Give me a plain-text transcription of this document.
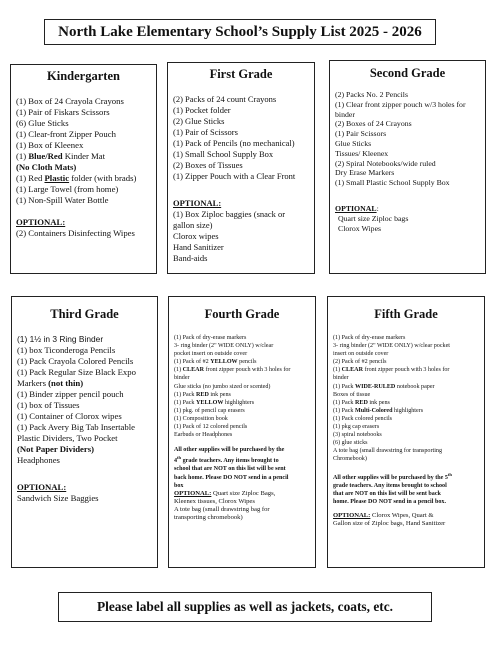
North Lake Elementary School’s Supply List 2025 - 2026
Kindergarten

(1) Box of 24 Crayola Crayons

(1) Pair of Fiskars Scissors

(6) Glue Sticks

(1) Clear-front Zipper Pouch

(1) Box of Kleenex

(1) Blue/Red Kinder Mat

(No Cloth Mats)

(1) Red Plastic folder (with brads)

(1) Large Towel (from home)

(1) Non-Spill Water Bottle

OPTIONAL:

(2) Containers Disinfecting Wipes

First Grade

(2) Packs of 24 count Crayons

(1) Pocket folder

(2) Glue Sticks

(1) Pair of Scissors

(1) Pack of Pencils (no mechanical)

(1) Small School Supply Box

(2) Boxes of Tissues

(1) Zipper Pouch with a Clear Front

OPTIONAL:

(1) Box Ziploc baggies (snack or

gallon size)

Clorox wipes

Hand Sanitizer

Band-aids

Second Grade

(2) Packs No. 2 Pencils

(1) Clear front zipper pouch w/3 holes for

binder

(2) Boxes of 24 Crayons

(1) Pair Scissors

Glue Sticks

Tissues/ Kleenex

(2) Spiral Notebooks/wide ruled

Dry Erase Markers

(1) Small Plastic School Supply Box

OPTIONAL:

Quart size Ziploc bags

Clorox Wipes

Third Grade

(1) 1½ in 3 Ring Binder

(1) box Ticonderoga Pencils

(1) Pack Crayola Colored Pencils

(1) Pack Regular Size Black Expo

Markers (not thin)

(1) Binder zipper pencil pouch

(1) box of Tissues

(1) Container of Clorox wipes

(1) Pack Avery Big Tab Insertable

Plastic Dividers, Two Pocket

(Not Paper Dividers)

Headphones

OPTIONAL:

Sandwich Size Baggies

Fourth Grade

(1) Pack of dry-erase markers

3- ring binder (2" WIDE ONLY) w/clear

pocket insert on outside cover

(1) Pack of #2 YELLOW pencils

(1) CLEAR front zipper pouch with 3 holes for

binder

Glue sticks (no jumbo sized or scented)

(1) Pack RED ink pens

(1) Pack YELLOW highlighters

(1) pkg. of pencil cap erasers

(1) Composition book

(1) Pack of 12 colored pencils

Earbuds or Headphones

All other supplies will be purchased by the

4th grade teachers. Any items brought to

school that are NOT on this list will be sent

back home. Please DO NOT send in a pencil

box

OPTIONAL: Quart size Ziploc Bags,

Kleenex tissues, Clorox Wipes

A tote bag (small drawstring bag for

transporting chromebook)

Fifth Grade

(1) Pack of dry-erase markers

3- ring binder (2" WIDE ONLY) w/clear pocket

insert on outside cover

(2) Pack of #2 pencils

(1) CLEAR front zipper pouch with 3 holes for

binder

(1) Pack WIDE-RULED notebook paper

Boxes of tissue

(1) Pack RED ink pens

(1) Pack Multi-Colored highlighters

(1) Pack colored pencils

(1) pkg cap erasers

(3) spiral notebooks

(6) glue sticks

A tote bag (small drawstring for transporting

Chromebook)

All other supplies will be purchased by the 5th

grade teachers. Any items brought to school

that are NOT on this list will be sent back

home. Please DO NOT send in a pencil box.

OPTIONAL: Clorox Wipes, Quart &

Gallon size of Ziploc bags, Hand Sanitizer

Please label all supplies as well as jackets, coats, etc.
